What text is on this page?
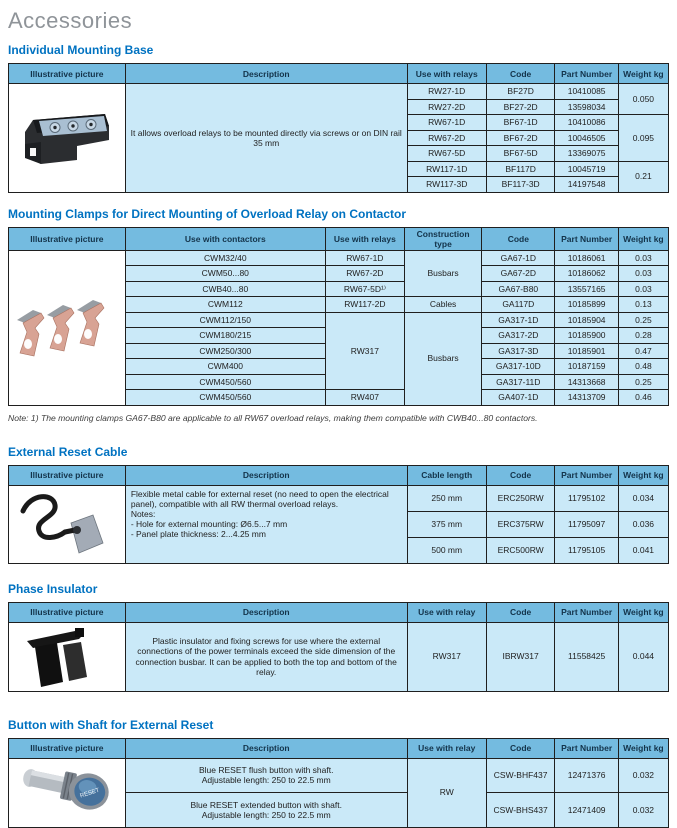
Accessories
Individual Mounting Base
Illustrative picture	Description	Use with relays	Code	Part Number	Weight kg

	It allows overload relays to be mounted directly via screws or on DIN rail 35 mm	RW27-1D	BF27D	10410085	0.050
		RW27-2D	BF27-2D	13598034	
		RW67-1D	BF67-1D	10410086	0.095
		RW67-2D	BF67-2D	10046505	
		RW67-5D	BF67-5D	13369075	
		RW117-1D	BF117D	10045719	0.21
		RW117-3D	BF117-3D	14197548	
Mounting Clamps for Direct Mounting of Overload Relay on Contactor
Illustrative picture	Use with contactors	Use with relays	Construction type	Code	Part Number	Weight kg

	CWM32/40	RW67-1D	Busbars	GA67-1D	10186061	0.03
	CWM50...80	RW67-2D		GA67-2D	10186062	0.03
	CWB40...80	RW67-5D¹⁾		GA67-B80	13557165	0.03
	CWM112	RW117-2D	Cables	GA117D	10185899	0.13
	CWM112/150	RW317	Busbars	GA317-1D	10185904	0.25
	CWM180/215			GA317-2D	10185900	0.28
	CWM250/300			GA317-3D	10185901	0.47
	CWM400			GA317-10D	10187159	0.48
	CWM450/560			GA317-11D	14313668	0.25
	CWM450/560	RW407		GA407-1D	14313709	0.46

Note: 1) The mounting clamps GA67-B80 are applicable to all RW67 overload relays, making them compatible with CWB40...80 contactors.

External Reset Cable
Illustrative picture	Description	Cable length	Code	Part Number	Weight kg

Flexible metal cable for external reset (no need to open the electrical panel), compatible with all RW thermal overload relays.
Notes:
- Hole for external mounting: Ø6.5...7 mm
- Panel plate thickness: 2...4.25 mm	250 mm	ERC250RW	11795102	0.034
		375 mm	ERC375RW	11795097	0.036
		500 mm	ERC500RW	11795105	0.041
Phase Insulator
Illustrative picture	Description	Use with relay	Code	Part Number	Weight kg

	Plastic insulator and fixing screws for use where the external connections of the power terminals exceed the side dimension of the connection busbar. It can be applied to both the top and bottom of the relay.	RW317	IBRW317	11558425	0.044
Button with Shaft for External Reset
Illustrative picture	Description	Use with relay	Code	Part Number	Weight kg

RESET	Blue RESET flush button with shaft.
Adjustable length: 250 to 22.5 mm	RW	CSW-BHF437	12471376	0.032

	Blue RESET extended button with shaft.
Adjustable length: 250 to 22.5 mm		CSW-BHS437	12471409	0.032
